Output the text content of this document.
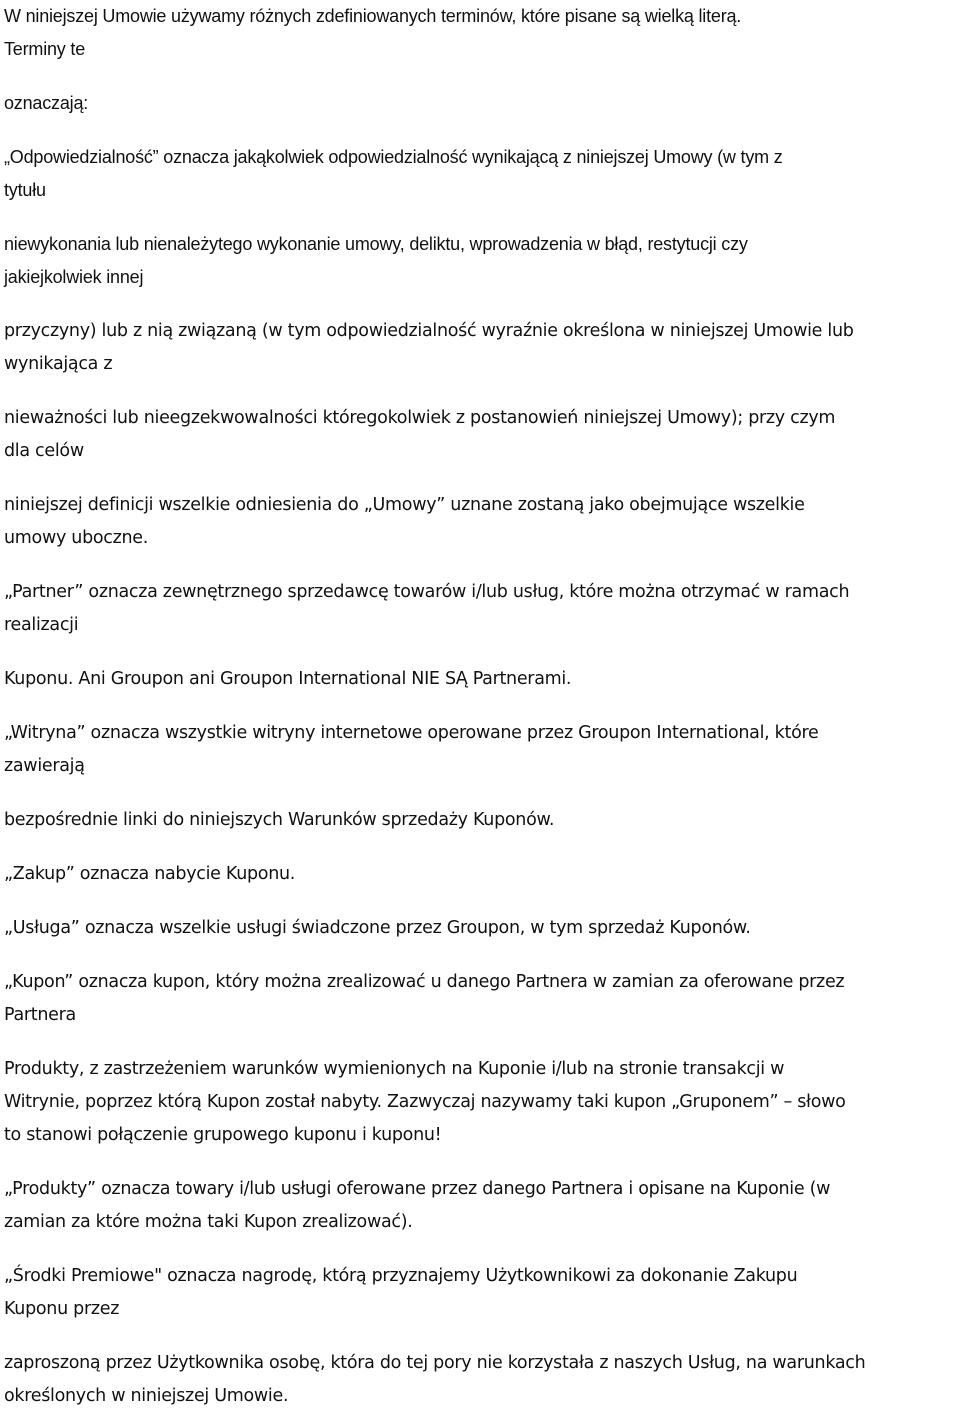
W niniejszej Umowie używamy różnych zdefiniowanych terminów, które pisane są wielką literą.

Terminy te

oznaczają:

„Odpowiedzialność” oznacza jakąkolwiek odpowiedzialność wynikającą z niniejszej Umowy (w tym z

tytułu

niewykonania lub nienależytego wykonanie umowy, deliktu, wprowadzenia w błąd, restytucji czy

jakiejkolwiek innej

przyczyny) lub z nią związaną (w tym odpowiedzialność wyraźnie określona w niniejszej Umowie lub

wynikająca z

nieważności lub nieegzekwowalności któregokolwiek z postanowień niniejszej Umowy); przy czym

dla celów

niniejszej definicji wszelkie odniesienia do „Umowy” uznane zostaną jako obejmujące wszelkie

umowy uboczne.

„Partner” oznacza zewnętrznego sprzedawcę towarów i/lub usług, które można otrzymać w ramach

realizacji

Kuponu. Ani Groupon ani Groupon International NIE SĄ Partnerami.

„Witryna” oznacza wszystkie witryny internetowe operowane przez Groupon International, które

zawierają

bezpośrednie linki do niniejszych Warunków sprzedaży Kuponów.

„Zakup” oznacza nabycie Kuponu.

„Usługa” oznacza wszelkie usługi świadczone przez Groupon, w tym sprzedaż Kuponów.

„Kupon” oznacza kupon, który można zrealizować u danego Partnera w zamian za oferowane przez

Partnera

Produkty, z zastrzeżeniem warunków wymienionych na Kuponie i/lub na stronie transakcji w

Witrynie, poprzez którą Kupon został nabyty. Zazwyczaj nazywamy taki kupon „Gruponem” – słowo

to stanowi połączenie grupowego kuponu i kuponu!

„Produkty” oznacza towary i/lub usługi oferowane przez danego Partnera i opisane na Kuponie (w

zamian za które można taki Kupon zrealizować).

„Środki Premiowe" oznacza nagrodę, którą przyznajemy Użytkownikowi za dokonanie Zakupu

Kuponu przez

zaproszoną przez Użytkownika osobę, która do tej pory nie korzystała z naszych Usług, na warunkach

określonych w niniejszej Umowie.
